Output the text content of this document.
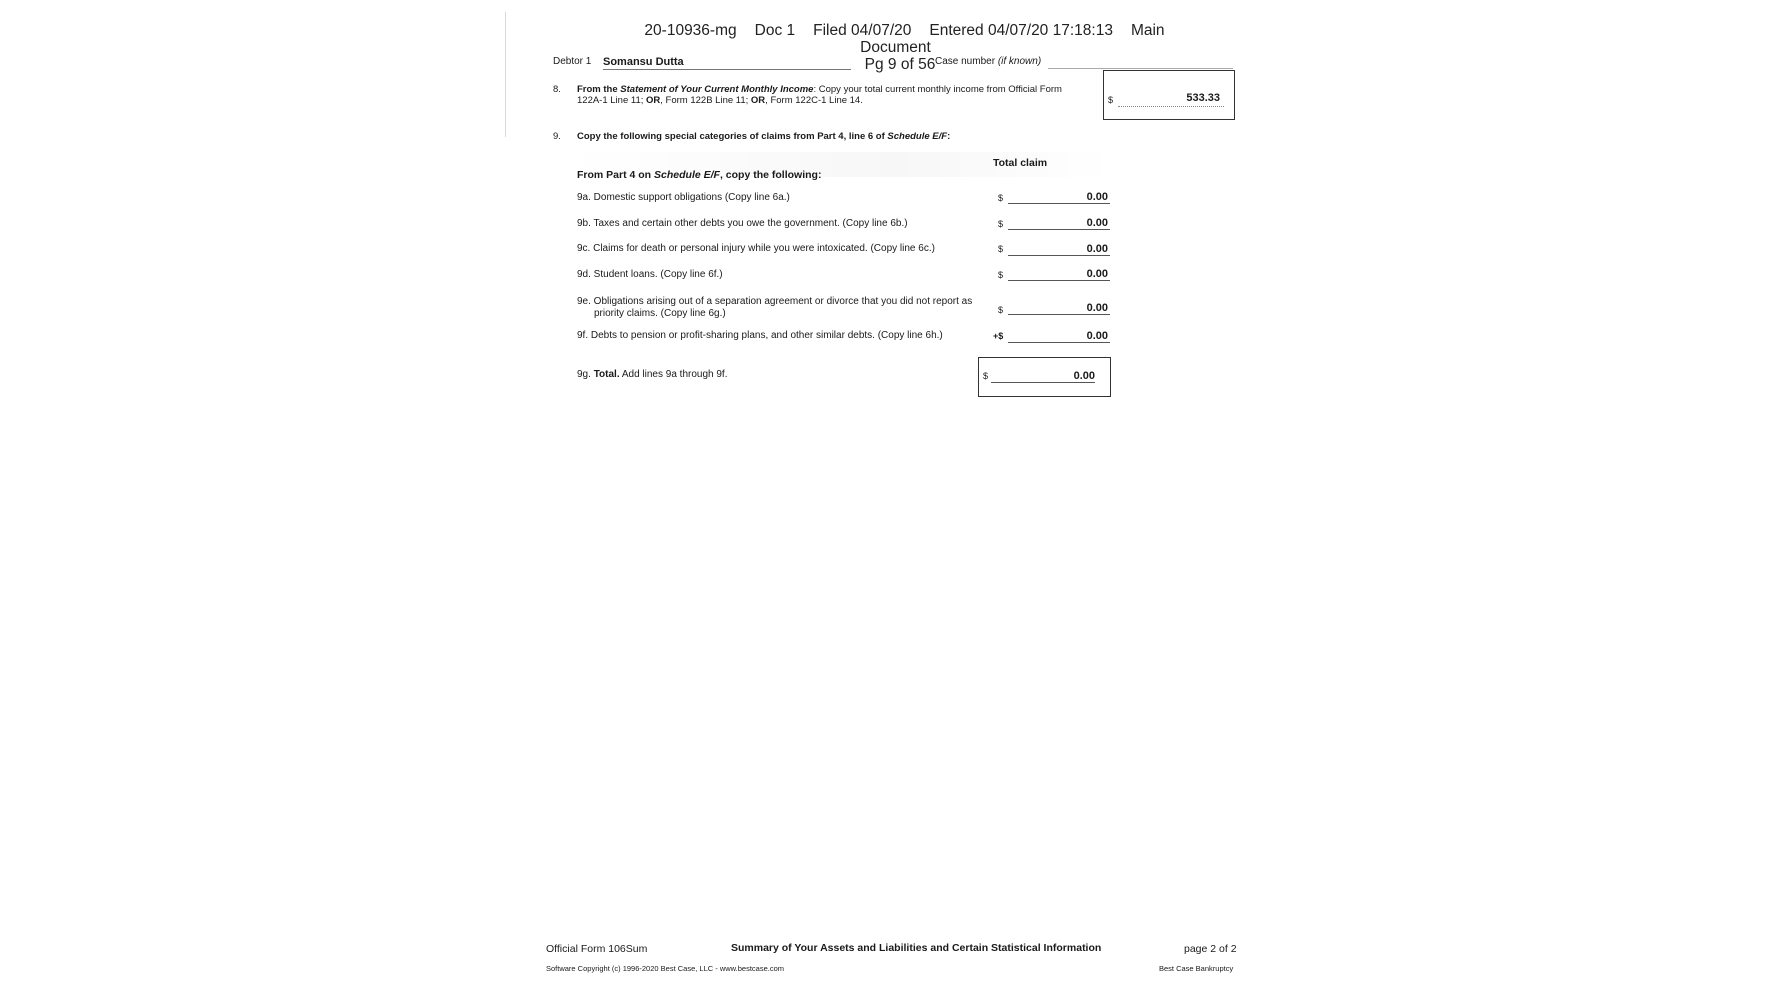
20-10936-mg Doc 1 Filed 04/07/20 Entered 04/07/20 17:18:13 Main Document
Pg 9 of 56
Debtor 1 Somansu Dutta	Case number (if known)
8. From the Statement of Your Current Monthly Income: Copy your total current monthly income from Official Form
122A-1 Line 11; OR, Form 122B Line 11; OR, Form 122C-1 Line 14.	$	533.33
9. Copy the following special categories of claims from Part 4, line 6 of Schedule E/F:
Total claim
From Part 4 on Schedule E/F, copy the following:
9a. Domestic support obligations (Copy line 6a.)	$	0.00
9b. Taxes and certain other debts you owe the government. (Copy line 6b.)	$	0.00
9c. Claims for death or personal injury while you were intoxicated. (Copy line 6c.)	$	0.00
9d. Student loans. (Copy line 6f.)	$	0.00
9e. Obligations arising out of a separation agreement or divorce that you did not report as
priority claims. (Copy line 6g.)	$	0.00
9f. Debts to pension or profit-sharing plans, and other similar debts. (Copy line 6h.)	+$	0.00
9g. Total. Add lines 9a through 9f.	$	0.00
Official Form 106Sum	Summary of Your Assets and Liabilities and Certain Statistical Information	page 2 of 2
Software Copyright (c) 1996-2020 Best Case, LLC - www.bestcase.com	Best Case Bankruptcy
